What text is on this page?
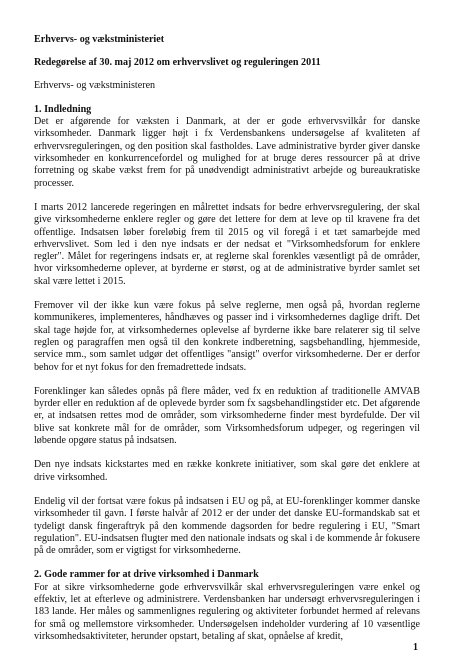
Erhvervs- og vækstministeriet
Redegørelse af 30. maj 2012 om erhvervslivet og reguleringen 2011
Erhvervs- og vækstministeren
1. Indledning

Det er afgørende for væksten i Danmark, at der er gode erhvervsvilkår for danske virksomheder. Danmark ligger højt i fx Verdensbankens undersøgelse af kvaliteten af erhvervsreguleringen, og den position skal fastholdes. Lave administrative byrder giver danske virksomheder en konkurrencefordel og mulighed for at bruge deres ressourcer på at drive forretning og skabe vækst frem for på unødvendigt administrativt arbejde og bureaukratiske processer.

I marts 2012 lancerede regeringen en målrettet indsats for bedre erhvervsregulering, der skal give virksomhederne enklere regler og gøre det lettere for dem at leve op til kravene fra det offentlige. Indsatsen løber foreløbig frem til 2015 og vil foregå i et tæt samarbejde med erhvervslivet. Som led i den nye indsats er der nedsat et "Virksomhedsforum for enklere regler". Målet for regeringens indsats er, at reglerne skal forenkles væsentligt på de områder, hvor virksomhederne oplever, at byrderne er størst, og at de administrative byrder samlet set skal være lettet i 2015.

Fremover vil der ikke kun være fokus på selve reglerne, men også på, hvordan reglerne kommunikeres, implementeres, håndhæves og passer ind i virksomhedernes daglige drift. Det skal tage højde for, at virksomhedernes oplevelse af byrderne ikke bare relaterer sig til selve reglen og paragraffen men også til den konkrete indberetning, sagsbehandling, hjemmeside, service mm., som samlet udgør det offentliges "ansigt" overfor virksomhederne. Der er derfor behov for et nyt fokus for den fremadrettede indsats.

Forenklinger kan således opnås på flere måder, ved fx en reduktion af traditionelle AMVAB byrder eller en reduktion af de oplevede byrder som fx sagsbehandlingstider etc. Det afgørende er, at indsatsen rettes mod de områder, som virksomhederne finder mest byrdefulde. Der vil blive sat konkrete mål for de områder, som Virksomhedsforum udpeger, og regeringen vil løbende opgøre status på indsatsen.

Den nye indsats kickstartes med en række konkrete initiativer, som skal gøre det enklere at drive virksomhed.

Endelig vil der fortsat være fokus på indsatsen i EU og på, at EU-forenklinger kommer danske virksomheder til gavn. I første halvår af 2012 er der under det danske EU-formandskab sat et tydeligt dansk fingeraftryk på den kommende dagsorden for bedre regulering i EU, "Smart regulation". EU-indsatsen flugter med den nationale indsats og skal i de kommende år fokusere på de områder, som er vigtigst for virksomhederne.

2. Gode rammer for at drive virksomhed i Danmark

For at sikre virksomhederne gode erhvervsvilkår skal erhvervsreguleringen være enkel og effektiv, let at efterleve og administrere. Verdensbanken har undersøgt erhvervsreguleringen i 183 lande. Her måles og sammenlignes regulering og aktiviteter forbundet hermed af relevans for små og mellemstore virksomheder. Undersøgelsen indeholder vurdering af 10 væsentlige virksomhedsaktiviteter, herunder opstart, betaling af skat, opnåelse af kredit,

1
